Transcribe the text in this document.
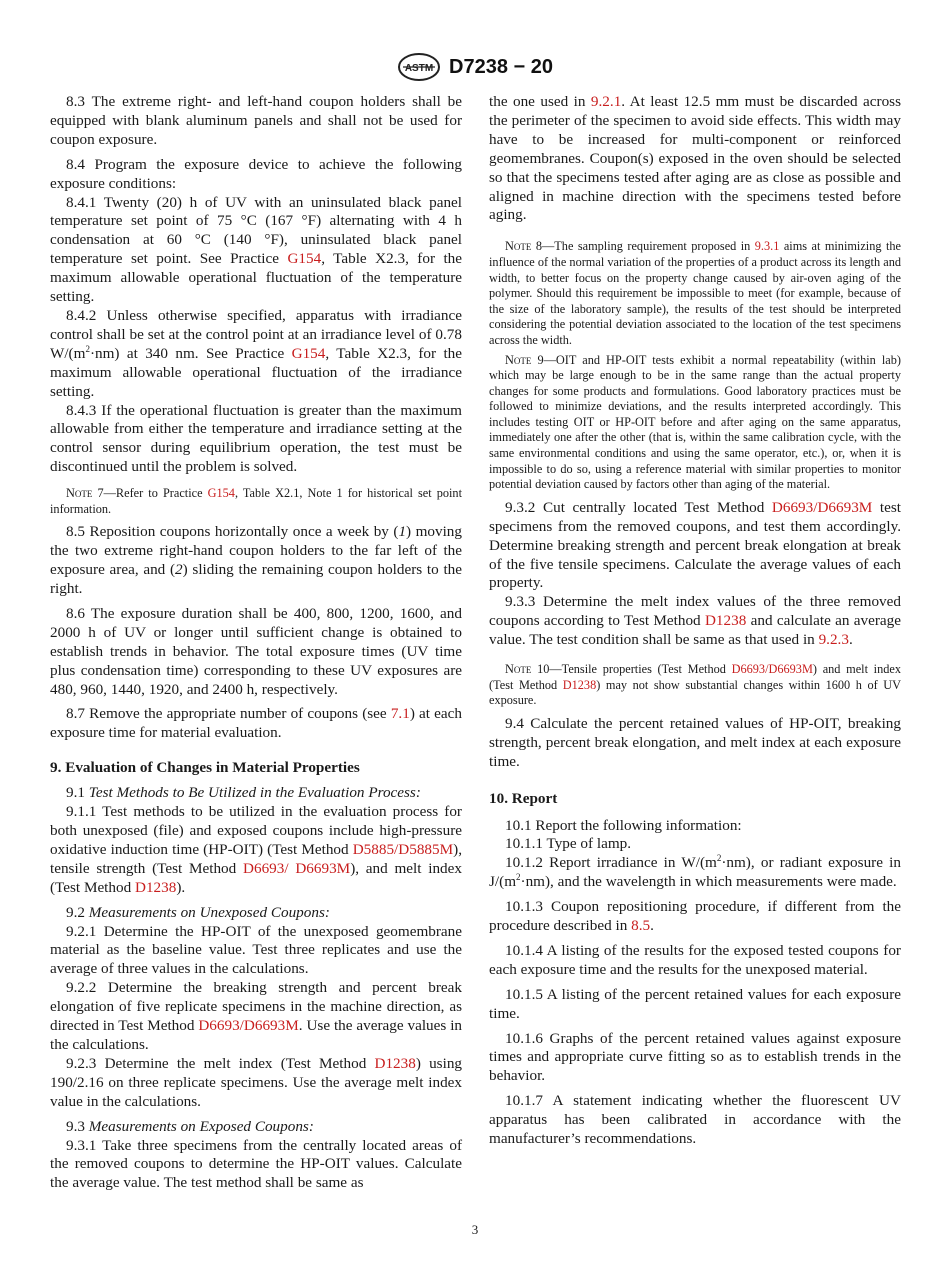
ASTM D7238 − 20

8.3 The extreme right- and left-hand coupon holders shall be equipped with blank aluminum panels and shall not be used for coupon exposure.

8.4 Program the exposure device to achieve the following exposure conditions:

8.4.1 Twenty (20) h of UV with an uninsulated black panel temperature set point of 75 °C (167 °F) alternating with 4 h condensation at 60 °C (140 °F), uninsulated black panel temperature set point. See Practice G154, Table X2.3, for the maximum allowable operational fluctuation of the temperature setting.

8.4.2 Unless otherwise specified, apparatus with irradiance control shall be set at the control point at an irradiance level of 0.78 $W/(m^2\cdot nm)$ at 340 nm. See Practice G154, Table X2.3, for the maximum allowable operational fluctuation of the irradiance setting.

8.4.3 If the operational fluctuation is greater than the maximum allowable from either the temperature and irradiance setting at the control sensor during equilibrium operation, the test must be discontinued until the problem is solved.

Note 7—Refer to Practice G154, Table X2.1, Note 1 for historical set point information.

8.5 Reposition coupons horizontally once a week by (1) moving the two extreme right-hand coupon holders to the far left of the exposure area, and (2) sliding the remaining coupon holders to the right.

8.6 The exposure duration shall be 400, 800, 1200, 1600, and 2000 h of UV or longer until sufficient change is obtained to establish trends in behavior. The total exposure times (UV time plus condensation time) corresponding to these UV exposures are 480, 960, 1440, 1920, and 2400 h, respectively.

8.7 Remove the appropriate number of coupons (see 7.1) at each exposure time for material evaluation.

9. Evaluation of Changes in Material Properties

9.1 Test Methods to Be Utilized in the Evaluation Process:

9.1.1 Test methods to be utilized in the evaluation process for both unexposed (file) and exposed coupons include high-pressure oxidative induction time (HP-OIT) (Test Method D5885/D5885M), tensile strength (Test Method D6693/ D6693M), and melt index (Test Method D1238).

9.2 Measurements on Unexposed Coupons:

9.2.1 Determine the HP-OIT of the unexposed geomembrane material as the baseline value. Test three replicates and use the average of three values in the calculations.

9.2.2 Determine the breaking strength and percent break elongation of five replicate specimens in the machine direction, as directed in Test Method D6693/D6693M. Use the average values in the calculations.

9.2.3 Determine the melt index (Test Method D1238) using 190/2.16 on three replicate specimens. Use the average melt index value in the calculations.

9.3 Measurements on Exposed Coupons:

9.3.1 Take three specimens from the centrally located areas of the removed coupons to determine the HP-OIT values. Calculate the average value. The test method shall be same as

the one used in 9.2.1. At least 12.5 mm must be discarded across the perimeter of the specimen to avoid side effects. This width may have to be increased for multi-component or reinforced geomembranes. Coupon(s) exposed in the oven should be selected so that the specimens tested after aging are as close as possible and aligned in machine direction with the specimens tested before aging.

Note 8—The sampling requirement proposed in 9.3.1 aims at minimizing the influence of the normal variation of the properties of a product across its length and width, to better focus on the property change caused by air-oven aging of the polymer. Should this requirement be impossible to meet (for example, because of the size of the laboratory sample), the results of the test should be interpreted considering the potential deviation associated to the location of the test specimens across the width.

Note 9—OIT and HP-OIT tests exhibit a normal repeatability (within lab) which may be large enough to be in the same range than the actual property changes for some products and formulations. Good laboratory practices must be followed to minimize deviations, and the results interpreted accordingly. This includes testing OIT or HP-OIT before and after aging on the same apparatus, immediately one after the other (that is, within the same calibration cycle, with the same environmental conditions and using the same operator, etc.), or, when it is impossible to do so, using a reference material with similar properties to monitor potential deviation caused by factors other than aging of the material.

9.3.2 Cut centrally located Test Method D6693/D6693M test specimens from the removed coupons, and test them accordingly. Determine breaking strength and percent break elongation at break of the five tensile specimens. Calculate the average values of each property.

9.3.3 Determine the melt index values of the three removed coupons according to Test Method D1238 and calculate an average value. The test condition shall be same as that used in 9.2.3.

Note 10—Tensile properties (Test Method D6693/D6693M) and melt index (Test Method D1238) may not show substantial changes within 1600 h of UV exposure.

9.4 Calculate the percent retained values of HP-OIT, breaking strength, percent break elongation, and melt index at each exposure time.

10. Report

10.1 Report the following information:

10.1.1 Type of lamp.

10.1.2 Report irradiance in $W/(m^2\cdot nm)$, or radiant exposure in $J/(m^2\cdot nm)$, and the wavelength in which measurements were made.

10.1.3 Coupon repositioning procedure, if different from the procedure described in 8.5.

10.1.4 A listing of the results for the exposed tested coupons for each exposure time and the results for the unexposed material.

10.1.5 A listing of the percent retained values for each exposure time.

10.1.6 Graphs of the percent retained values against exposure times and appropriate curve fitting so as to establish trends in the behavior.

10.1.7 A statement indicating whether the fluorescent UV apparatus has been calibrated in accordance with the manufacturer’s recommendations.

3
